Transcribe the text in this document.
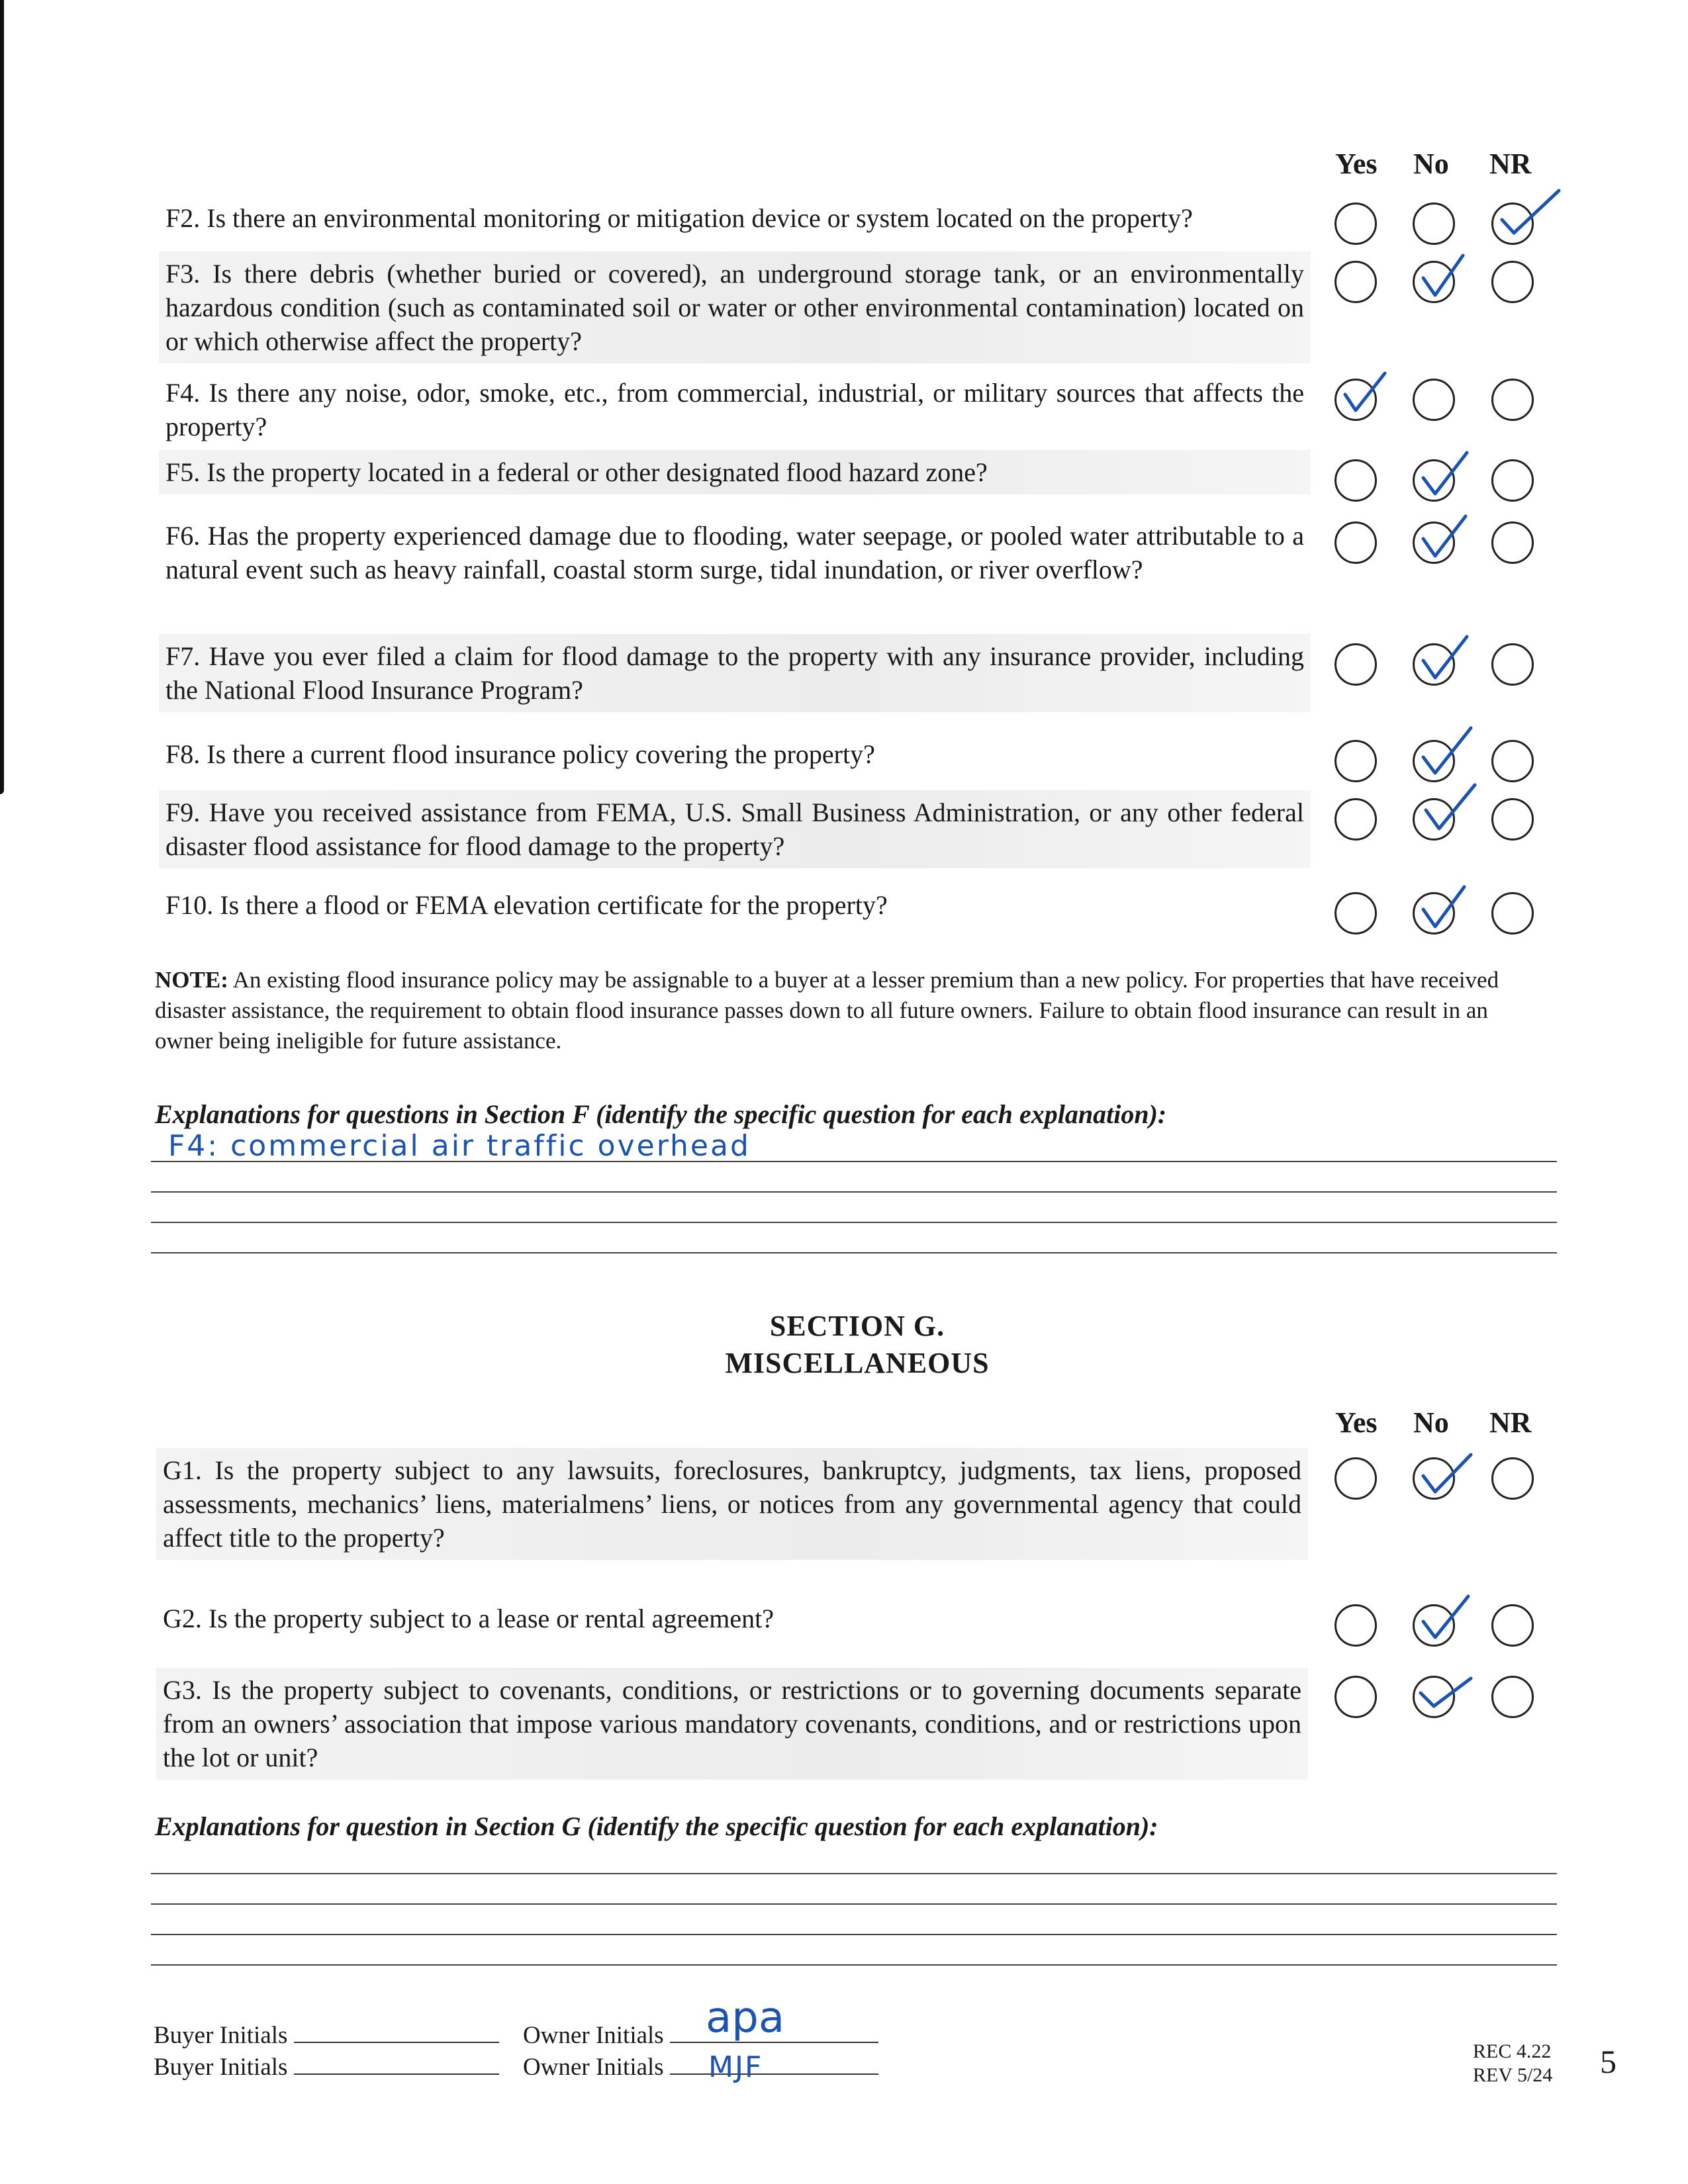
Yes No NR
F2. Is there an environmental monitoring or mitigation device or system located on the property?
F3. Is there debris (whether buried or covered), an underground storage tank, or an environmentally hazardous condition (such as contaminated soil or water or other environmental contamination) located on or which otherwise affect the property?
F4. Is there any noise, odor, smoke, etc., from commercial, industrial, or military sources that affects the property?
F5. Is the property located in a federal or other designated flood hazard zone?
F6. Has the property experienced damage due to flooding, water seepage, or pooled water attributable to a natural event such as heavy rainfall, coastal storm surge, tidal inundation, or river overflow?
F7. Have you ever filed a claim for flood damage to the property with any insurance provider, including the National Flood Insurance Program?
F8. Is there a current flood insurance policy covering the property?
F9. Have you received assistance from FEMA, U.S. Small Business Administration, or any other federal disaster flood assistance for flood damage to the property?
F10. Is there a flood or FEMA elevation certificate for the property?
NOTE: An existing flood insurance policy may be assignable to a buyer at a lesser premium than a new policy. For properties that have received disaster assistance, the requirement to obtain flood insurance passes down to all future owners. Failure to obtain flood insurance can result in an owner being ineligible for future assistance.
Explanations for questions in Section F (identify the specific question for each explanation):
F4: commercial air traffic overhead
SECTION G.
MISCELLANEOUS
Yes No NR
G1. Is the property subject to any lawsuits, foreclosures, bankruptcy, judgments, tax liens, proposed assessments, mechanics’ liens, materialmens’ liens, or notices from any governmental agency that could affect title to the property?
G2. Is the property subject to a lease or rental agreement?
G3. Is the property subject to covenants, conditions, or restrictions or to governing documents separate from an owners’ association that impose various mandatory covenants, conditions, and or restrictions upon the lot or unit?
Explanations for question in Section G (identify the specific question for each explanation):
Buyer Initials
Buyer Initials
Owner Initials
Owner Initials
apa
MJF	REC 4.22
REV 5/24 5
